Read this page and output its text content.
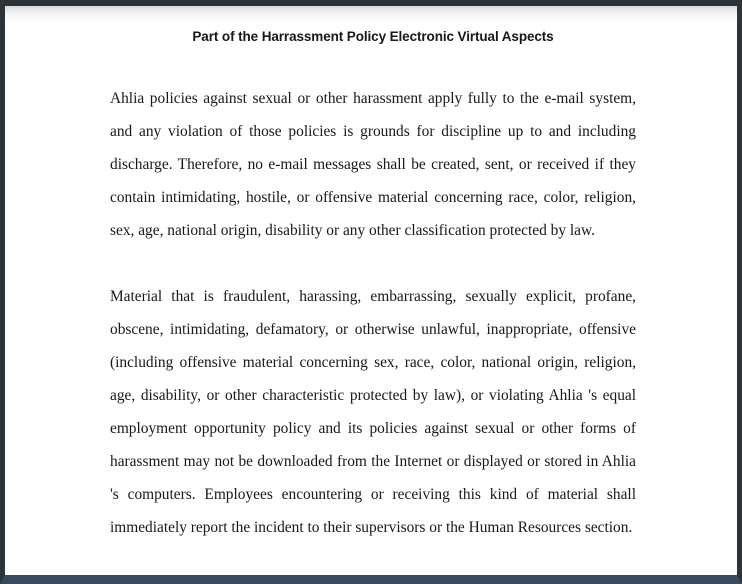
Part of the Harrassment Policy Electronic Virtual Aspects

Ahlia policies against sexual or other harassment apply fully to the e-mail system, and any violation of those policies is grounds for discipline up to and including discharge. Therefore, no e-mail messages shall be created, sent, or received if they contain intimidating, hostile, or offensive material concerning race, color, religion, sex, age, national origin, disability or any other classification protected by law.

Material that is fraudulent, harassing, embarrassing, sexually explicit, profane, obscene, intimidating, defamatory, or otherwise unlawful, inappropriate, offensive (including offensive material concerning sex, race, color, national origin, religion, age, disability, or other characteristic protected by law), or violating Ahlia 's equal employment opportunity policy and its policies against sexual or other forms of harassment may not be downloaded from the Internet or displayed or stored in Ahlia 's computers. Employees encountering or receiving this kind of material shall immediately report the incident to their supervisors or the Human Resources section.
